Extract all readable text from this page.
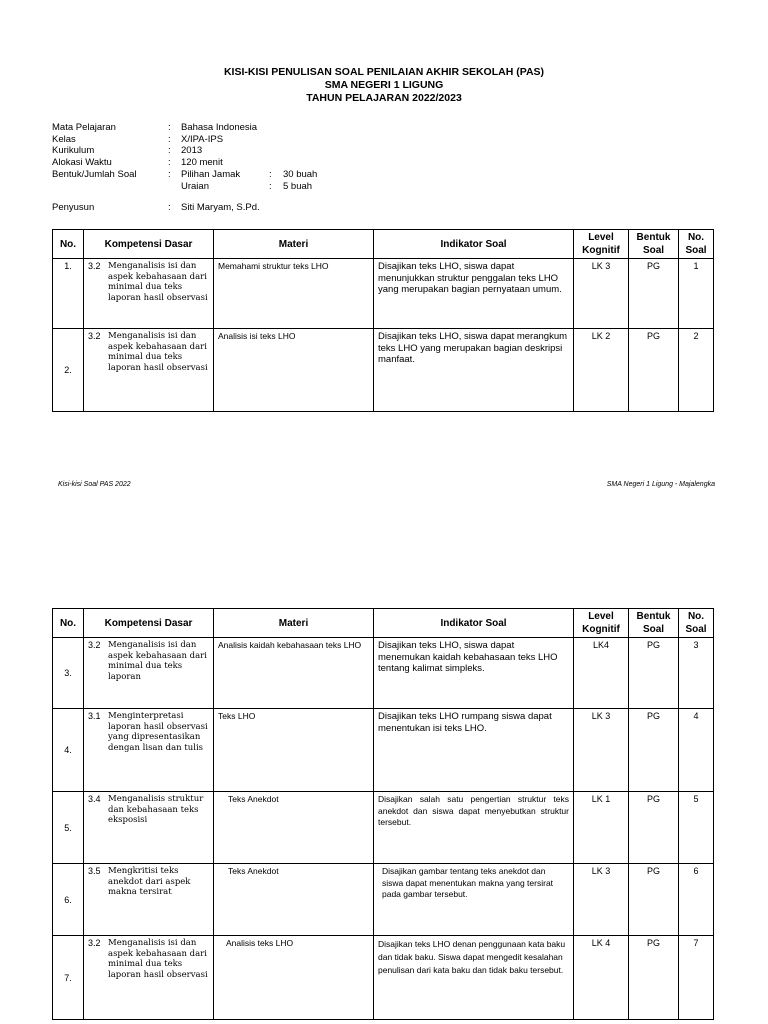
KISI-KISI PENULISAN SOAL PENILAIAN AKHIR SEKOLAH (PAS)
SMA NEGERI 1 LIGUNG
TAHUN PELAJARAN 2022/2023
Mata Pelajaran	:	Bahasa Indonesia
Kelas	:	X/IPA-IPS
Kurikulum	:	2013
Alokasi Waktu	:	120 menit
Bentuk/Jumlah Soal	:	Pilihan Jamak	:	30 buah
Uraian	:	5 buah
Penyusun	:	Siti Maryam, S.Pd.
No.	Kompetensi Dasar	Materi	Indikator Soal	Level Kognitif	Bentuk Soal	No. Soal
1.	3.2 Menganalisis isi dan aspek kebahasaan dari minimal dua teks laporan hasil observasi	Memahami struktur teks LHO	Disajikan teks LHO, siswa dapat menunjukkan struktur penggalan teks LHO yang merupakan bagian pernyataan umum.	LK 3	PG	1
2.	3.2 Menganalisis isi dan aspek kebahasaan dari minimal dua teks laporan hasil observasi	Analisis isi teks LHO	Disajikan teks LHO, siswa dapat merangkum teks LHO yang merupakan bagian deskripsi manfaat.	LK 2	PG	2
Kisi-kisi Soal PAS 2022	SMA Negeri 1 Ligung - Majalengka
No.	Kompetensi Dasar	Materi	Indikator Soal	Level Kognitif	Bentuk Soal	No. Soal
3.	3.2 Menganalisis isi dan aspek kebahasaan dari minimal dua teks laporan	Analisis kaidah kebahasaan teks LHO	Disajikan teks LHO, siswa dapat menemukan kaidah kebahasaan teks LHO tentang kalimat simpleks.	LK4	PG	3
4.	3.1 Menginterpretasi laporan hasil observasi yang dipresentasikan dengan lisan dan tulis	Teks LHO	Disajikan teks LHO rumpang siswa dapat menentukan isi teks LHO.	LK 3	PG	4
5.	3.4 Menganalisis struktur dan kebahasaan teks eksposisi	Teks Anekdot	Disajikan salah satu pengertian struktur teks anekdot dan siswa dapat menyebutkan struktur tersebut.	LK 1	PG	5
6.	3.5 Mengkritisi teks anekdot dari aspek makna tersirat	Teks Anekdot	Disajikan gambar tentang teks anekdot dan siswa dapat menentukan makna yang tersirat pada gambar tersebut.	LK 3	PG	6
7.	3.2 Menganalisis isi dan aspek kebahasaan dari minimal dua teks laporan hasil observasi	Analisis teks LHO	Disajikan teks LHO denan penggunaan kata baku dan tidak baku. Siswa dapat mengedit kesalahan penulisan dari kata baku dan tidak baku tersebut.	LK 4	PG	7
